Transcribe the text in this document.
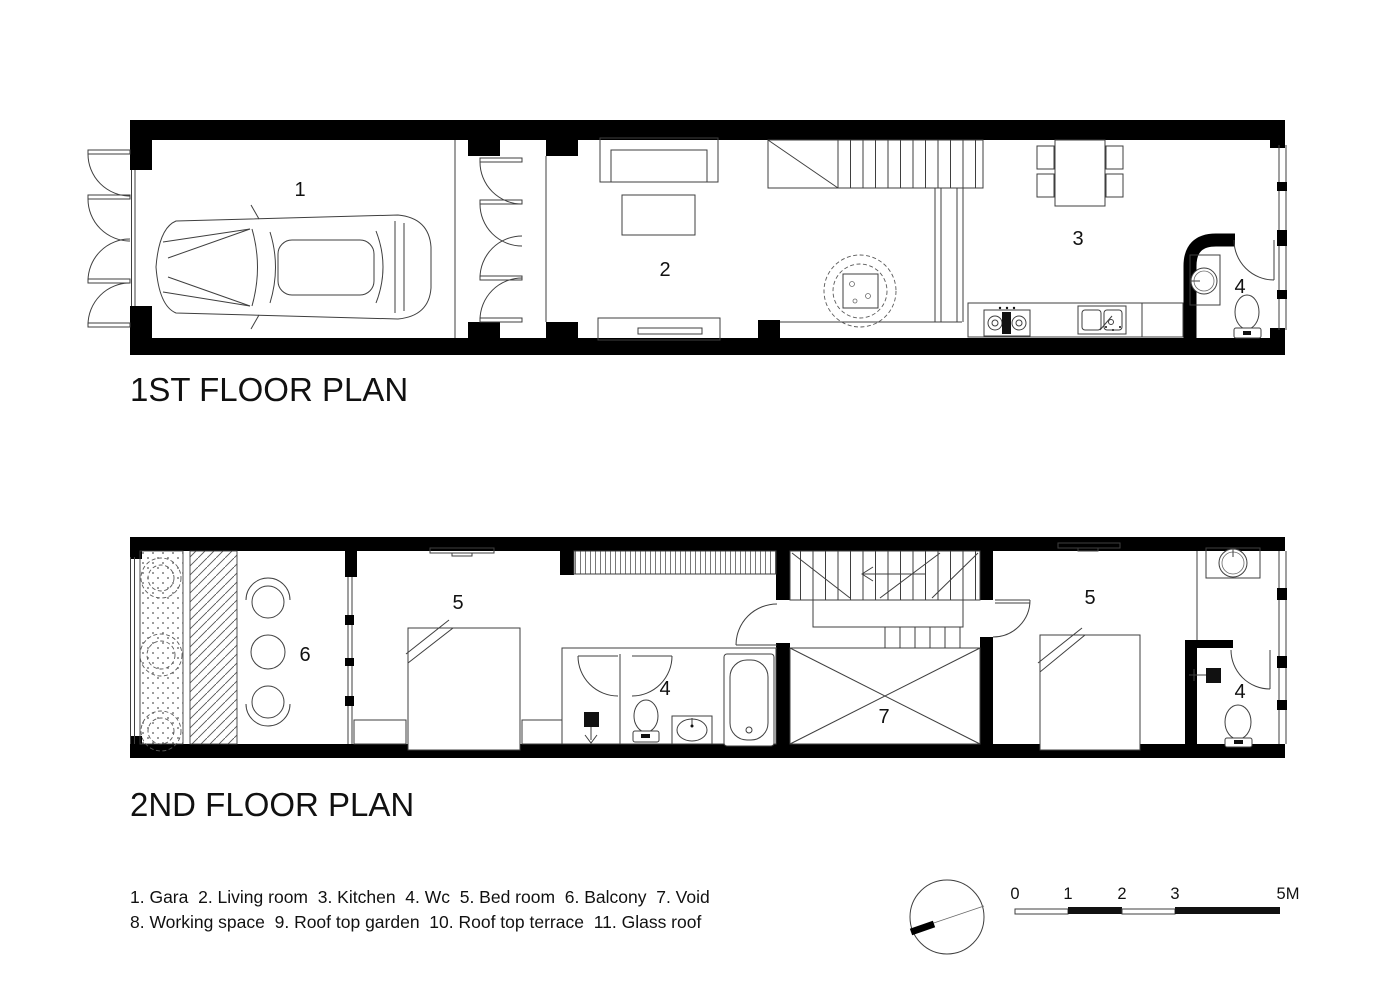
1
2
3
4
1ST FLOOR PLAN
6
5
4
7
5
4
2ND FLOOR PLAN
1. Gara  2. Living room  3. Kitchen  4. Wc  5. Bed room  6. Balcony  7. Void
8. Working space  9. Roof top garden  10. Roof top terrace  11. Glass roof
0	1	2	3	5M
